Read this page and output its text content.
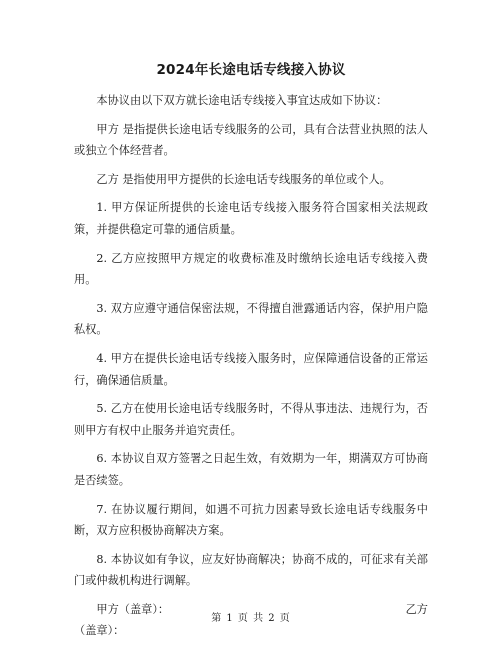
2024年长途电话专线接入协议

本协议由以下双方就长途电话专线接入事宜达成如下协议：

甲方 是指提供长途电话专线服务的公司，具有合法营业执照的法人或独立个体经营者。

乙方 是指使用甲方提供的长途电话专线服务的单位或个人。

1. 甲方保证所提供的长途电话专线接入服务符合国家相关法规政策，并提供稳定可靠的通信质量。

2. 乙方应按照甲方规定的收费标准及时缴纳长途电话专线接入费用。

3. 双方应遵守通信保密法规，不得擅自泄露通话内容，保护用户隐私权。

4. 甲方在提供长途电话专线接入服务时，应保障通信设备的正常运行，确保通信质量。

5. 乙方在使用长途电话专线服务时，不得从事违法、违规行为，否则甲方有权中止服务并追究责任。

6. 本协议自双方签署之日起生效，有效期为一年，期满双方可协商是否续签。

7. 在协议履行期间，如遇不可抗力因素导致长途电话专线服务中断，双方应积极协商解决方案。

8. 本协议如有争议，应友好协商解决；协商不成的，可征求有关部门或仲裁机构进行调解。

甲方（盖章）：	乙方
（盖章）：
第 1 页 共 2 页
